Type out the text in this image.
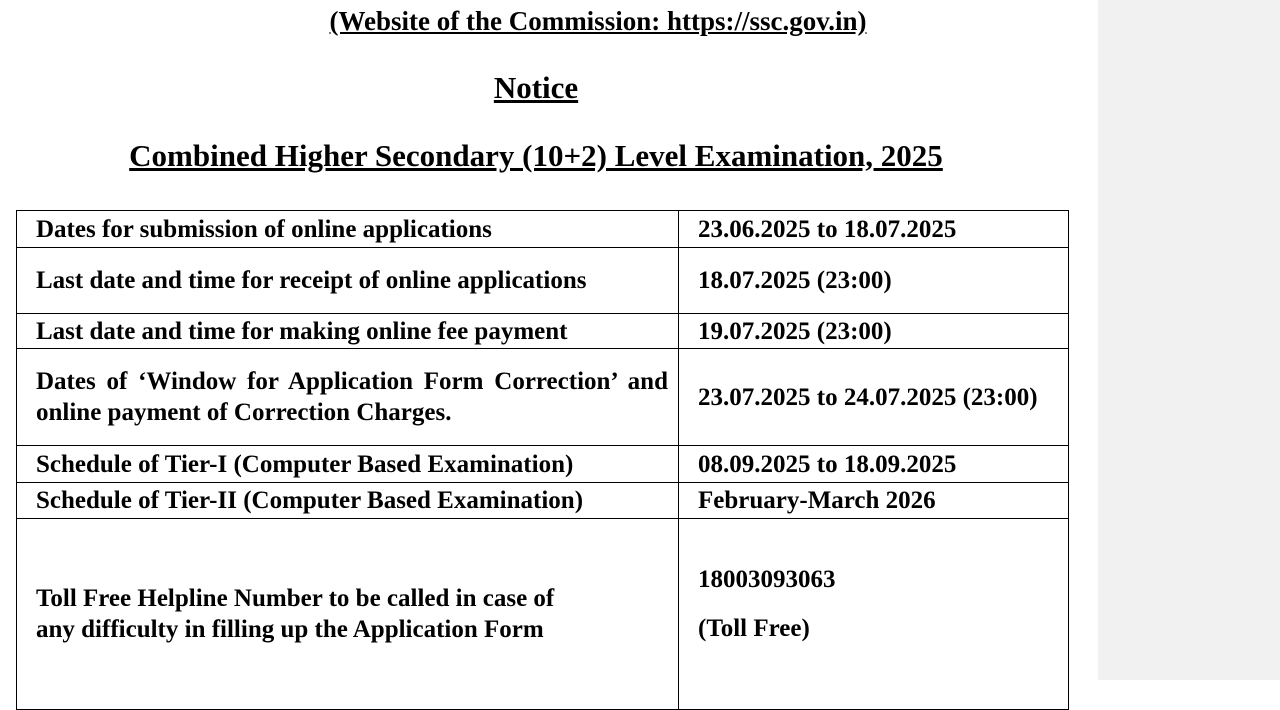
(Website of the Commission: https://ssc.gov.in)
Notice
Combined Higher Secondary (10+2) Level Examination, 2025
Dates for submission of online applications	23.06.2025 to 18.07.2025
Last date and time for receipt of online applications	18.07.2025 (23:00)
Last date and time for making online fee payment	19.07.2025 (23:00)
Dates of ‘Window for Application Form Correction’ and online payment of Correction Charges.	23.07.2025 to 24.07.2025 (23:00)
Schedule of Tier-I (Computer Based Examination)	08.09.2025 to 18.09.2025
Schedule of Tier-II (Computer Based Examination)	February-March 2026
Toll Free Helpline Number to be called in case of
any difficulty in filling up the Application Form	18003093063
(Toll Free)
